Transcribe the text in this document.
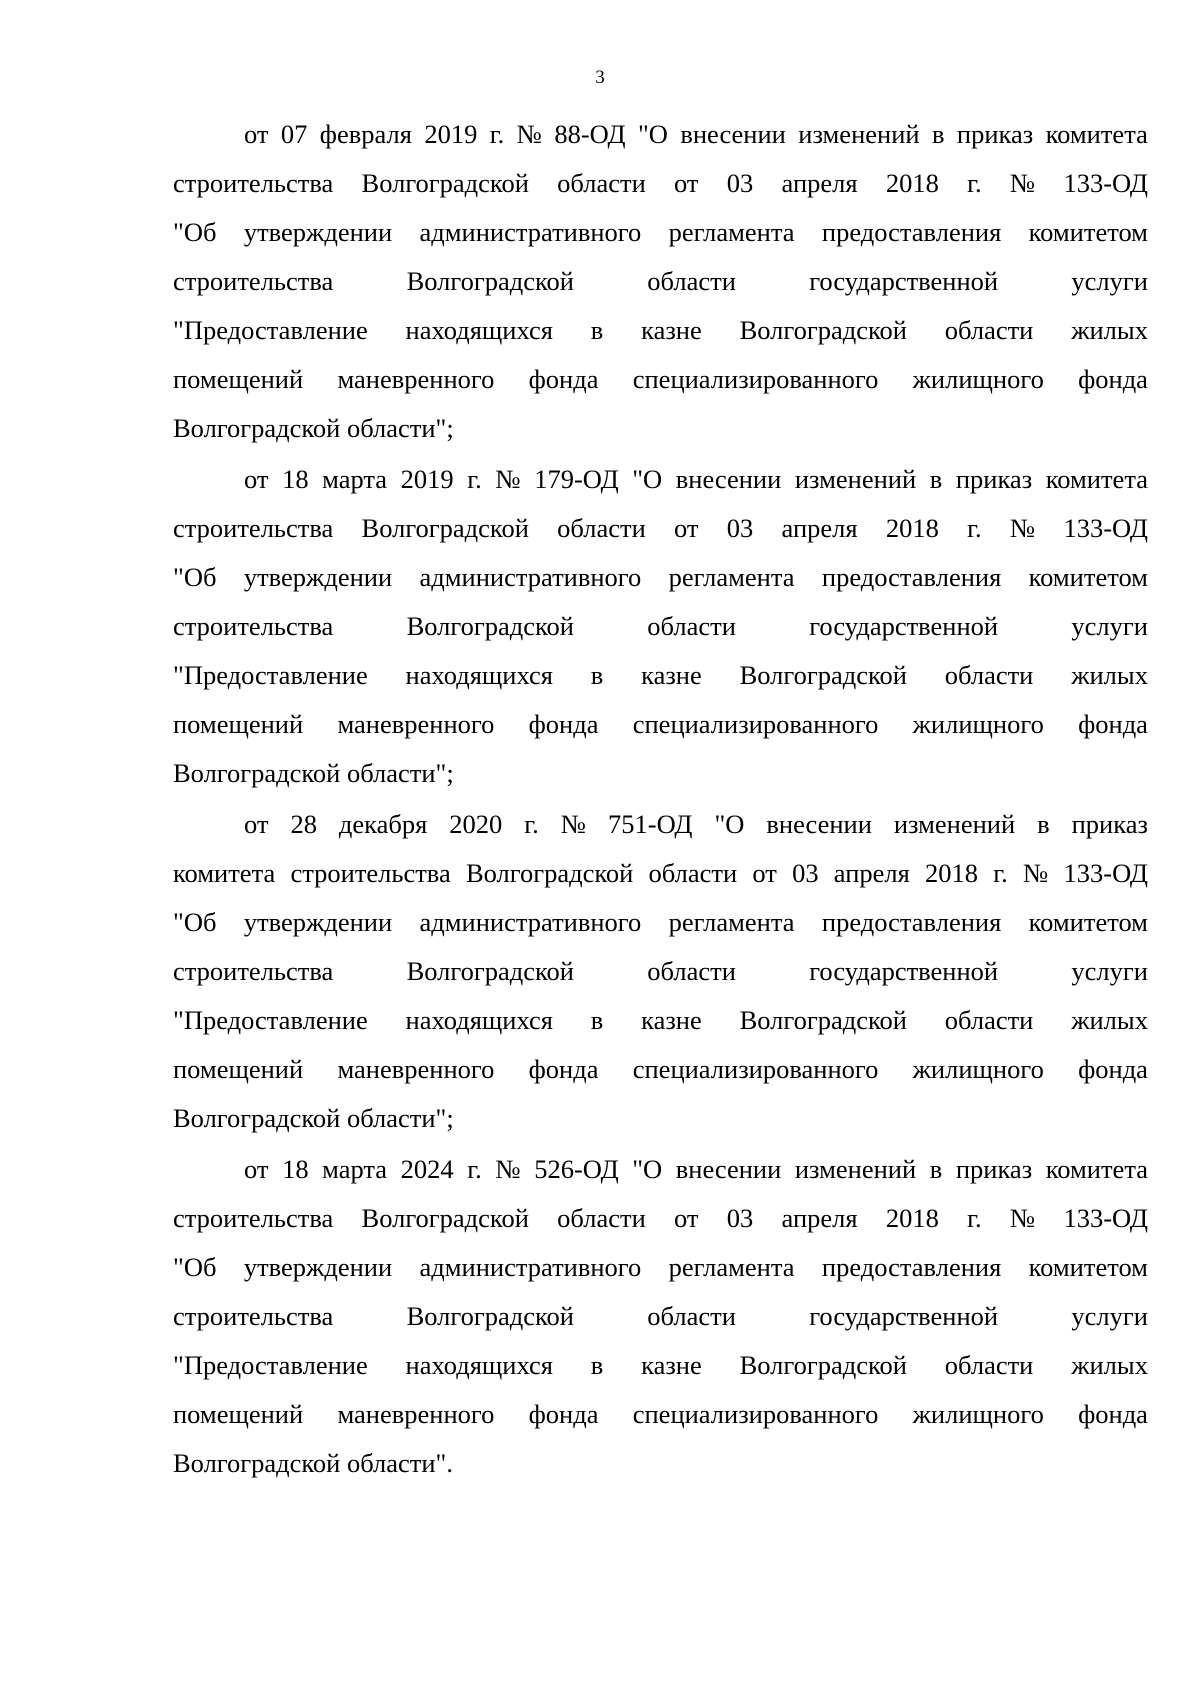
3
от 07 февраля 2019 г. № 88-ОД "О внесении изменений в приказ комитета
строительства Волгоградской области от 03 апреля 2018 г. № 133-ОД
"Об утверждении административного регламента предоставления комитетом
строительства	Волгоградской	области	государственной	услуги
"Предоставление находящихся в казне Волгоградской области жилых
помещений маневренного фонда специализированного жилищного фонда
Волгоградской области";
от 18 марта 2019 г. № 179-ОД "О внесении изменений в приказ комитета
строительства Волгоградской области от 03 апреля 2018 г. № 133-ОД
"Об утверждении административного регламента предоставления комитетом
строительства	Волгоградской	области	государственной	услуги
"Предоставление находящихся в казне Волгоградской области жилых
помещений маневренного фонда специализированного жилищного фонда
Волгоградской области";
от 28 декабря 2020 г. № 751-ОД "О внесении изменений в приказ
комитета строительства Волгоградской области от 03 апреля 2018 г. № 133-ОД
"Об утверждении административного регламента предоставления комитетом
строительства	Волгоградской	области	государственной	услуги
"Предоставление находящихся в казне Волгоградской области жилых
помещений маневренного фонда специализированного жилищного фонда
Волгоградской области";
от 18 марта 2024 г. № 526-ОД "О внесении изменений в приказ комитета
строительства Волгоградской области от 03 апреля 2018 г. № 133-ОД
"Об утверждении административного регламента предоставления комитетом
строительства	Волгоградской	области	государственной	услуги
"Предоставление находящихся в казне Волгоградской области жилых
помещений маневренного фонда специализированного жилищного фонда
Волгоградской области".
